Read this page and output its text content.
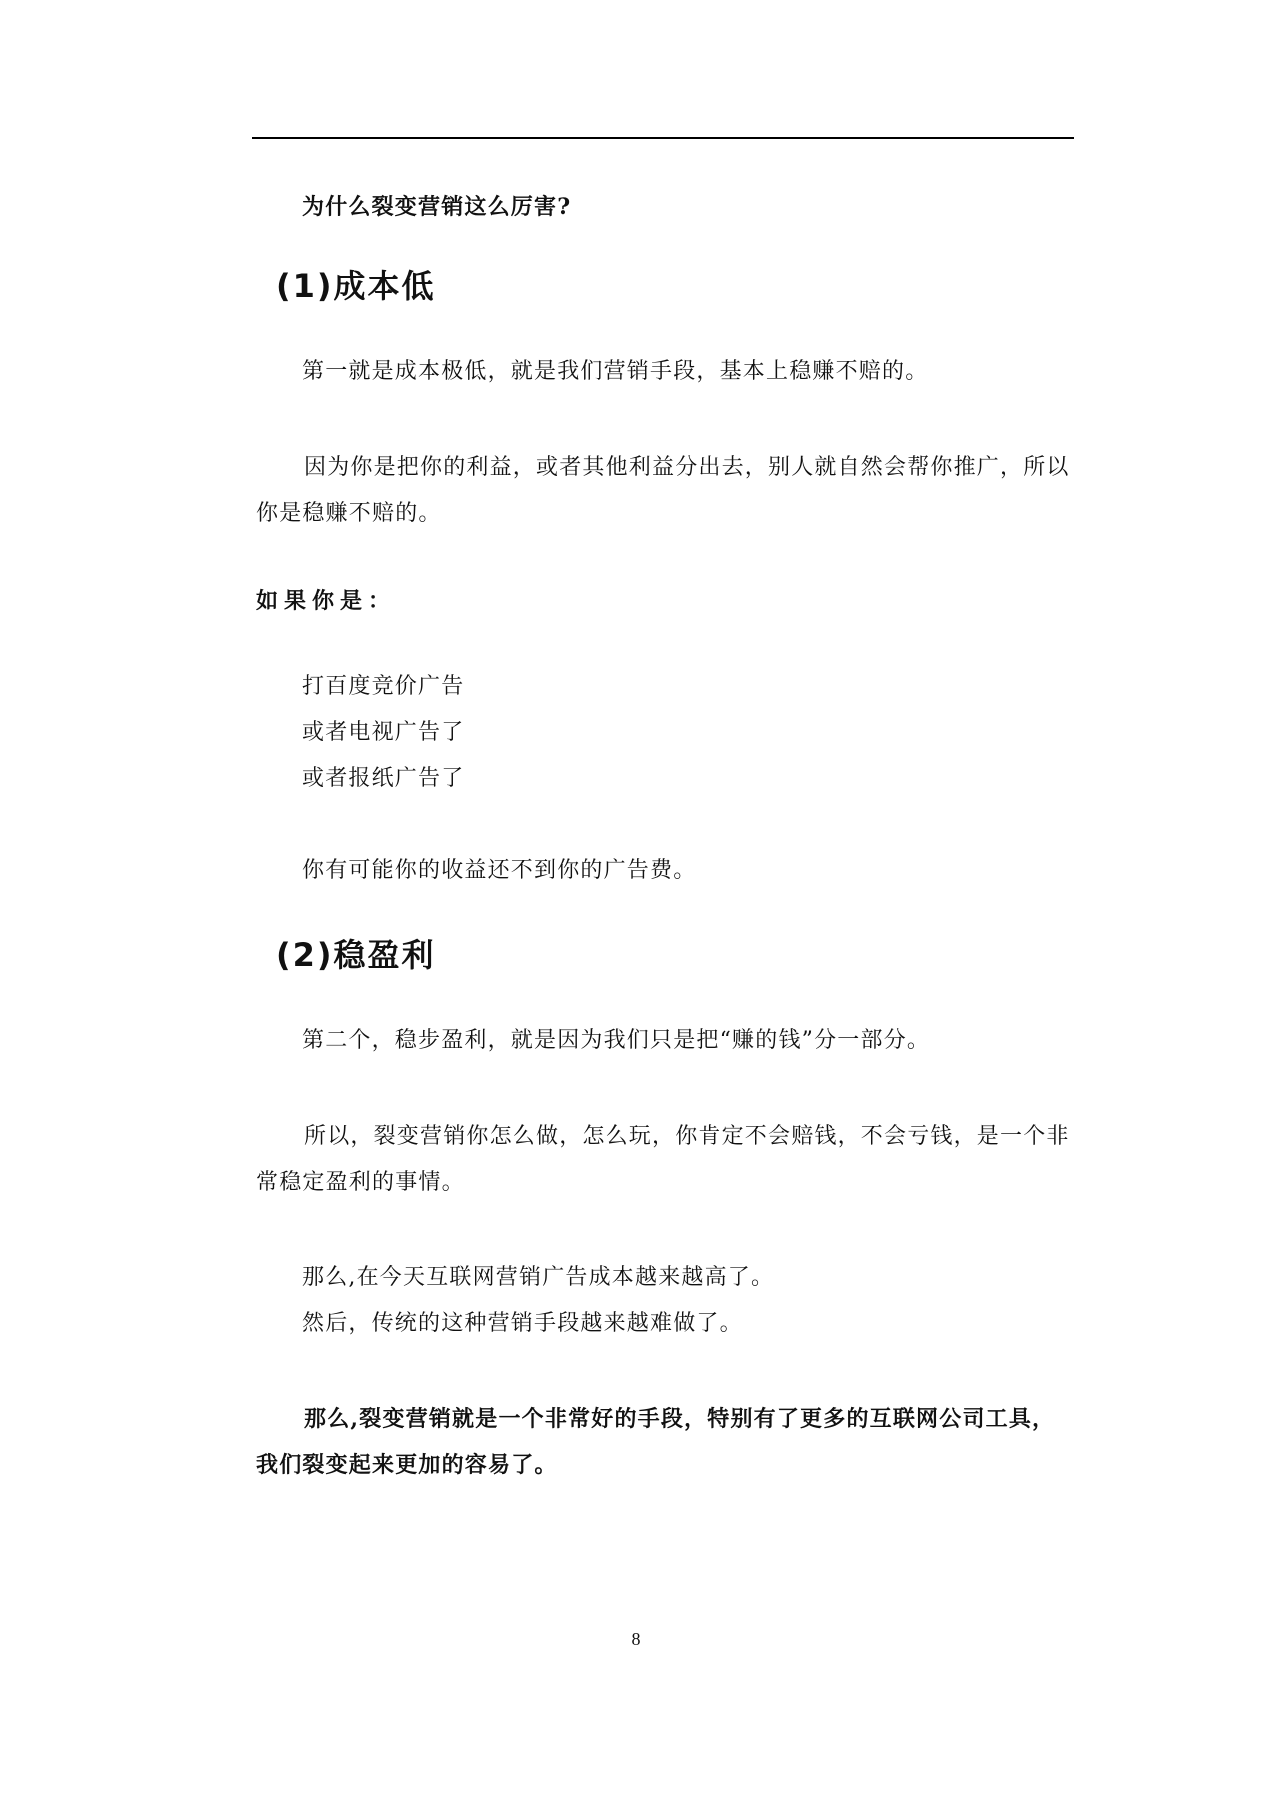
为什么裂变营销这么厉害?

(1)成本低

第一就是成本极低，就是我们营销手段，基本上稳赚不赔的。

因为你是把你的利益，或者其他利益分出去，别人就自然会帮你推广，所以你是稳赚不赔的。

如果你是：

打百度竞价广告
或者电视广告了
或者报纸广告了

你有可能你的收益还不到你的广告费。

(2)稳盈利

第二个，稳步盈利，就是因为我们只是把“赚的钱”分一部分。

所以，裂变营销你怎么做，怎么玩，你肯定不会赔钱，不会亏钱，是一个非常稳定盈利的事情。

那么,在今天互联网营销广告成本越来越高了。
然后，传统的这种营销手段越来越难做了。

那么,裂变营销就是一个非常好的手段，特别有了更多的互联网公司工具，我们裂变起来更加的容易了。

8
